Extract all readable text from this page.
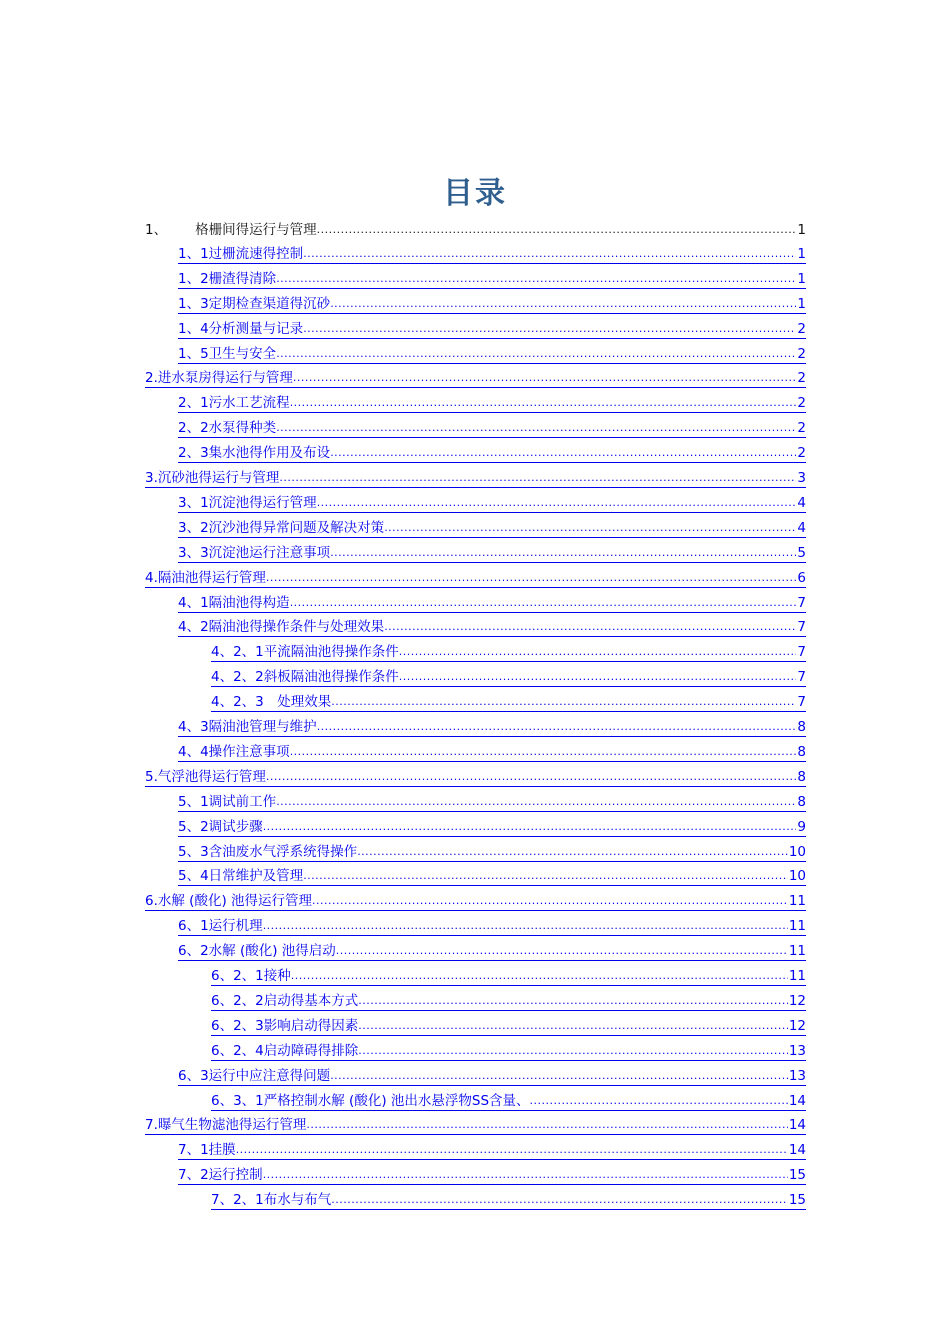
目录
1、 格栅间得运行与管理 .....	1
1、1过栅流速得控制 .....	1
1、2栅渣得清除 .....	1
1、3定期检查渠道得沉砂 .....	1
1、4分析测量与记录 .....	2
1、5卫生与安全 .....	2
2.进水泵房得运行与管理 .....	2
2、1污水工艺流程 .....	2
2、2水泵得种类 .....	2
2、3集水池得作用及布设 .....	2
3.沉砂池得运行与管理 .....	3
3、1沉淀池得运行管理 .....	4
3、2沉沙池得异常问题及解决对策 .....	4
3、3沉淀池运行注意事项 .....	5
4.隔油池得运行管理 .....	6
4、1隔油池得构造 .....	7
4、2隔油池得操作条件与处理效果 .....	7
4、2、1平流隔油池得操作条件 .....	7
4、2、2斜板隔油池得操作条件 .....	7
4、2、3　处理效果 .....	7
4、3隔油池管理与维护 .....	8
4、4操作注意事项 .....	8
5.气浮池得运行管理 .....	8
5、1调试前工作 .....	8
5、2调试步骤 .....	9
5、3含油废水气浮系统得操作 .....	10
5、4日常维护及管理 .....	10
6.水解 (酸化) 池得运行管理 .....	11
6、1运行机理 .....	11
6、2水解 (酸化) 池得启动 .....	11
6、2、1接种 .....	11
6、2、2启动得基本方式 .....	12
6、2、3影响启动得因素 .....	12
6、2、4启动障碍得排除 .....	13
6、3运行中应注意得问题 .....	13
6、3、1严格控制水解 (酸化) 池出水悬浮物SS含量、 .....	14
7.曝气生物滤池得运行管理 .....	14
7、1挂膜 .....	14
7、2运行控制 .....	15
7、2、1布水与布气 .....	15
